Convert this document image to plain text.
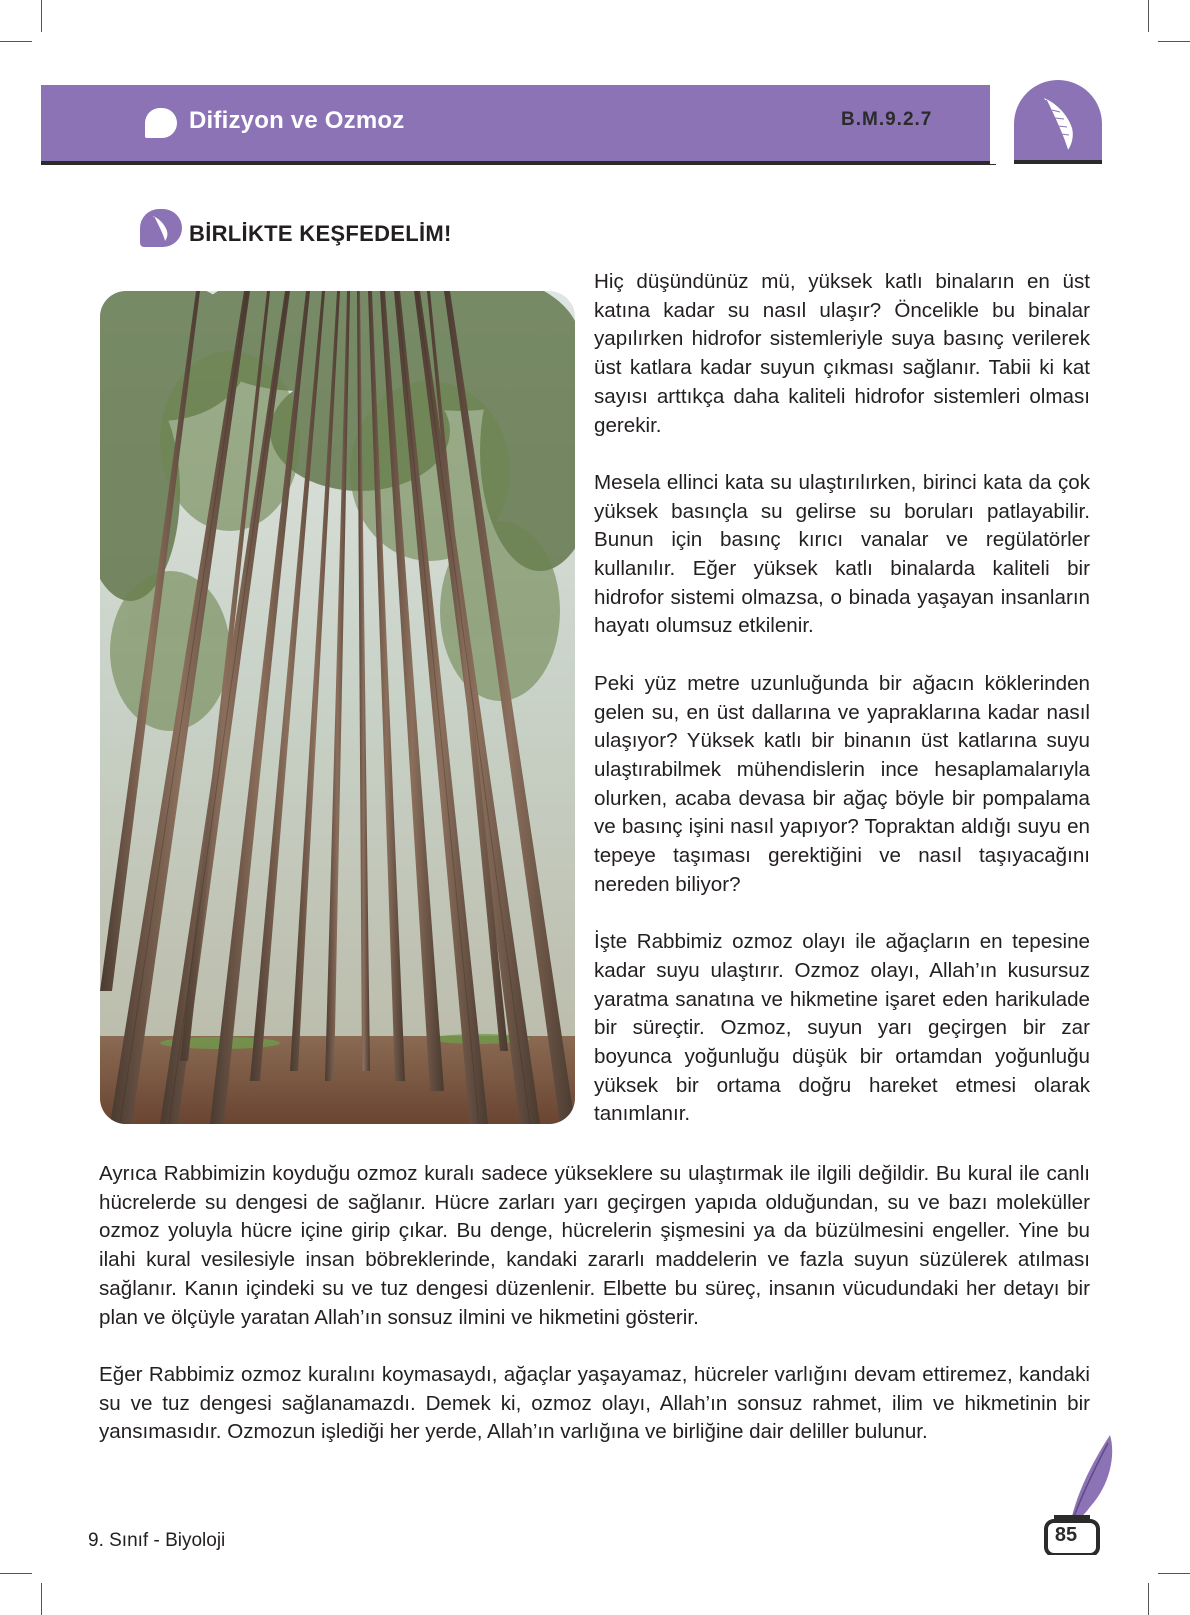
Difizyon ve Ozmoz	B.M.9.2.7
BİRLİKTE KEŞFEDELİM!

Hiç düşündünüz mü, yüksek katlı binaların en üst katına kadar su nasıl ulaşır? Öncelikle bu binalar yapılırken hidrofor sistemleriyle suya basınç verilerek üst katlara kadar suyun çıkması sağlanır. Tabii ki kat sayısı arttıkça daha kaliteli hidrofor sistemleri olması gerekir.

Mesela ellinci kata su ulaştırılırken, birinci kata da çok yüksek basınçla su gelirse su boruları patlayabilir. Bunun için basınç kırıcı vanalar ve regülatörler kullanılır. Eğer yüksek katlı binalarda kaliteli bir hidrofor sistemi olmazsa, o binada yaşayan insanların hayatı olumsuz etkilenir.

Peki yüz metre uzunluğunda bir ağacın köklerinden gelen su, en üst dallarına ve yapraklarına kadar nasıl ulaşıyor? Yüksek katlı bir binanın üst katlarına suyu ulaştırabilmek mühendislerin ince hesaplamalarıyla olurken, acaba devasa bir ağaç böyle bir pompalama ve basınç işini nasıl yapıyor? Topraktan aldığı suyu en tepeye taşıması gerektiğini ve nasıl taşıyacağını nereden biliyor?

İşte Rabbimiz ozmoz olayı ile ağaçların en tepesine kadar suyu ulaştırır. Ozmoz olayı, Allah’ın kusursuz yaratma sanatına ve hikmetine işaret eden harikulade bir süreçtir. Ozmoz, suyun yarı geçirgen bir zar boyunca yoğunluğu düşük bir ortamdan yoğunluğu yüksek bir ortama doğru hareket etmesi olarak tanımlanır.

Ayrıca Rabbimizin koyduğu ozmoz kuralı sadece yükseklere su ulaştırmak ile ilgili değildir. Bu kural ile canlı hücrelerde su dengesi de sağlanır. Hücre zarları yarı geçirgen yapıda olduğundan, su ve bazı moleküller ozmoz yoluyla hücre içine girip çıkar. Bu denge, hücrelerin şişmesini ya da büzülmesini engeller. Yine bu ilahi kural vesilesiyle insan böbreklerinde, kandaki zararlı maddelerin ve fazla suyun süzülerek atılması sağlanır. Kanın içindeki su ve tuz dengesi düzenlenir. Elbette bu süreç, insanın vücudundaki her detayı bir plan ve ölçüyle yaratan Allah’ın sonsuz ilmini ve hikmetini gösterir.

Eğer Rabbimiz ozmoz kuralını koymasaydı, ağaçlar yaşayamaz, hücreler varlığını devam ettiremez, kandaki su ve tuz dengesi sağlanamazdı. Demek ki, ozmoz olayı, Allah’ın sonsuz rahmet, ilim ve hikmetinin bir yansımasıdır. Ozmozun işlediği her yerde, Allah’ın varlığına ve birliğine dair deliller bulunur.

9. Sınıf - Biyoloji	85
